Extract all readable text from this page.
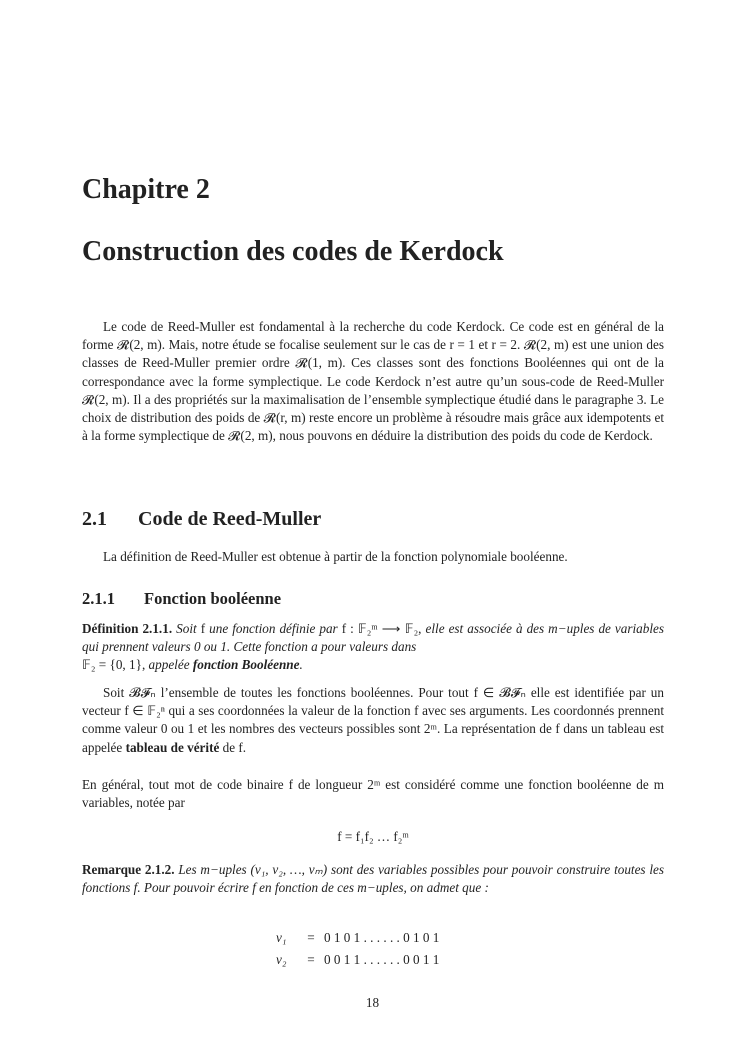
Chapitre 2
Construction des codes de Kerdock
Le code de Reed-Muller est fondamental à la recherche du code Kerdock. Ce code est en général de la forme 𝓡(2, m). Mais, notre étude se focalise seulement sur le cas de r = 1 et r = 2. 𝓡(2, m) est une union des classes de Reed-Muller premier ordre 𝓡(1, m). Ces classes sont des fonctions Booléennes qui ont de la correspondance avec la forme symplectique. Le code Kerdock n’est autre qu’un sous-code de Reed-Muller 𝓡(2, m). Il a des propriétés sur la maximalisation de l’ensemble symplectique étudié dans le paragraphe 3. Le choix de distribution des poids de 𝓡(r, m) reste encore un problème à résoudre mais grâce aux idempotents et à la forme symplectique de 𝓡(2, m), nous pouvons en déduire la distribution des poids du code de Kerdock.
2.1 Code de Reed-Muller
La définition de Reed-Muller est obtenue à partir de la fonction polynomiale booléenne.
2.1.1 Fonction booléenne
Définition 2.1.1. Soit f une fonction définie par f : 𝔽₂ᵐ ⟶ 𝔽₂, elle est associée à des m−uples de variables qui prennent valeurs 0 ou 1. Cette fonction a pour valeurs dans
𝔽₂ = {0, 1}, appelée fonction Booléenne.
Soit 𝓑𝓕ₙ l’ensemble de toutes les fonctions booléennes. Pour tout f ∈ 𝓑𝓕ₙ elle est identifiée par un vecteur f ∈ 𝔽₂ⁿ qui a ses coordonnées la valeur de la fonction f avec ses arguments. Les coordonnés prennent comme valeur 0 ou 1 et les nombres des vecteurs possibles sont 2ᵐ. La représentation de f dans un tableau est appelée tableau de vérité de f.
En général, tout mot de code binaire f de longueur 2ᵐ est considéré comme une fonction booléenne de m variables, notée par
f = f₁f₂ … f₂ᵐ
Remarque 2.1.2. Les m−uples (v₁, v₂, …, vₘ) sont des variables possibles pour pouvoir construire toutes les fonctions f. Pour pouvoir écrire f en fonction de ces m−uples, on admet que :
v₁ = 0 1 0 1 . . . . . . 0 1 0 1
v₂ = 0 0 1 1 . . . . . . 0 0 1 1
18
